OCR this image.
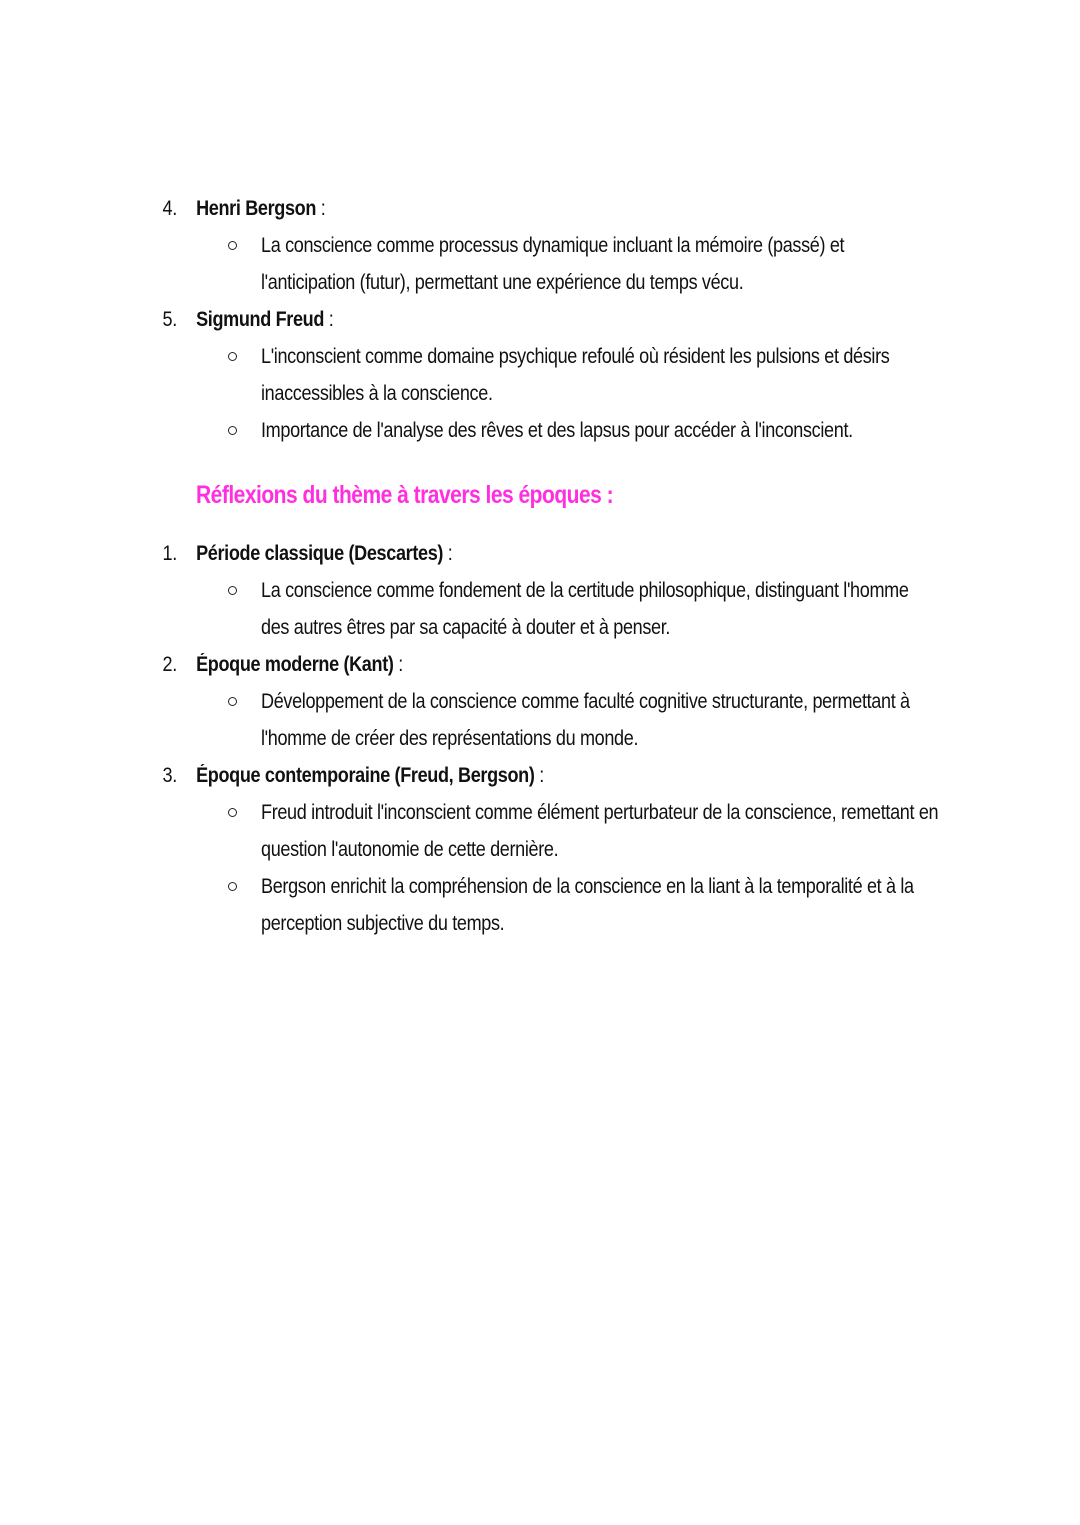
4. Henri Bergson :
La conscience comme processus dynamique incluant la mémoire (passé) et l'anticipation (futur), permettant une expérience du temps vécu.
5. Sigmund Freud :
L'inconscient comme domaine psychique refoulé où résident les pulsions et désirs inaccessibles à la conscience.
Importance de l'analyse des rêves et des lapsus pour accéder à l'inconscient.
Réflexions du thème à travers les époques :
1. Période classique (Descartes) :
La conscience comme fondement de la certitude philosophique, distinguant l'homme des autres êtres par sa capacité à douter et à penser.
2. Époque moderne (Kant) :
Développement de la conscience comme faculté cognitive structurante, permettant à l'homme de créer des représentations du monde.
3. Époque contemporaine (Freud, Bergson) :
Freud introduit l'inconscient comme élément perturbateur de la conscience, remettant en question l'autonomie de cette dernière.
Bergson enrichit la compréhension de la conscience en la liant à la temporalité et à la perception subjective du temps.
